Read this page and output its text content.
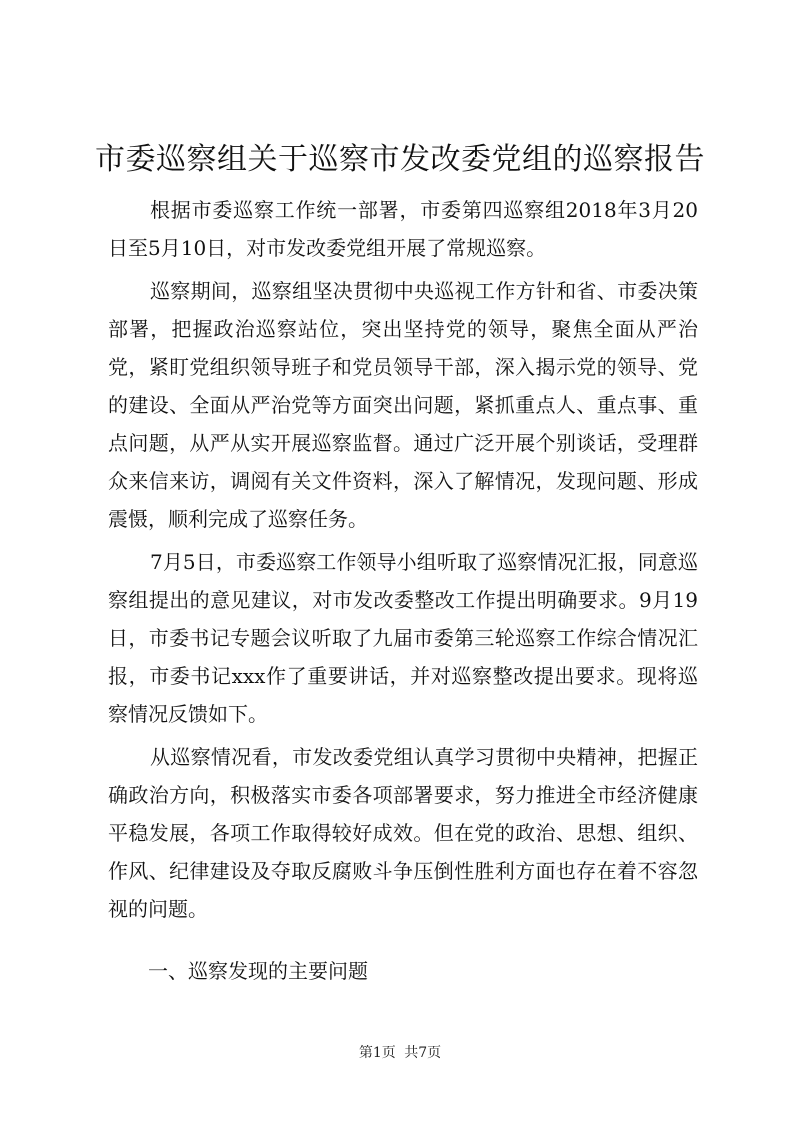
市委巡察组关于巡察市发改委党组的巡察报告

根据市委巡察工作统一部署，市委第四巡察组2018年3月20日至5月10日，对市发改委党组开展了常规巡察。

巡察期间，巡察组坚决贯彻中央巡视工作方针和省、市委决策部署，把握政治巡察站位，突出坚持党的领导，聚焦全面从严治党，紧盯党组织领导班子和党员领导干部，深入揭示党的领导、党的建设、全面从严治党等方面突出问题，紧抓重点人、重点事、重点问题，从严从实开展巡察监督。通过广泛开展个别谈话，受理群众来信来访，调阅有关文件资料，深入了解情况，发现问题、形成震慑，顺利完成了巡察任务。

7月5日，市委巡察工作领导小组听取了巡察情况汇报，同意巡察组提出的意见建议，对市发改委整改工作提出明确要求。9月19日，市委书记专题会议听取了九届市委第三轮巡察工作综合情况汇报，市委书记xxx作了重要讲话，并对巡察整改提出要求。现将巡察情况反馈如下。

从巡察情况看，市发改委党组认真学习贯彻中央精神，把握正确政治方向，积极落实市委各项部署要求，努力推进全市经济健康平稳发展，各项工作取得较好成效。但在党的政治、思想、组织、作风、纪律建设及夺取反腐败斗争压倒性胜利方面也存在着不容忽视的问题。

一、巡察发现的主要问题

第1页 共7页
